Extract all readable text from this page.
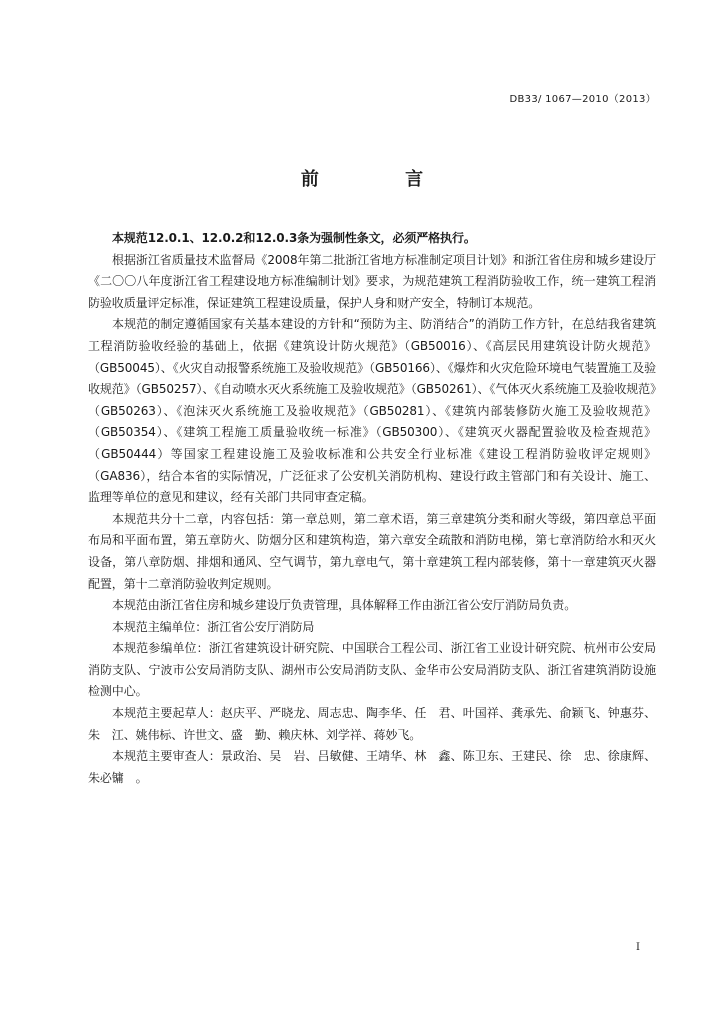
DB33/ 1067—2010（2013）
前 言

本规范12.0.1、12.0.2和12.0.3条为强制性条文，必须严格执行。

根据浙江省质量技术监督局《2008年第二批浙江省地方标准制定项目计划》和浙江省住房和城乡建设厅《二〇〇八年度浙江省工程建设地方标准编制计划》要求，为规范建筑工程消防验收工作，统一建筑工程消防验收质量评定标准，保证建筑工程建设质量，保护人身和财产安全，特制订本规范。

本规范的制定遵循国家有关基本建设的方针和“预防为主、防消结合”的消防工作方针，在总结我省建筑工程消防验收经验的基础上，依据《建筑设计防火规范》（GB50016）、《高层民用建筑设计防火规范》（GB50045）、《火灾自动报警系统施工及验收规范》（GB50166）、《爆炸和火灾危险环境电气装置施工及验收规范》（GB50257）、《自动喷水灭火系统施工及验收规范》（GB50261）、《气体灭火系统施工及验收规范》（GB50263）、《泡沫灭火系统施工及验收规范》（GB50281）、《建筑内部装修防火施工及验收规范》（GB50354）、《建筑工程施工质量验收统一标准》（GB50300）、《建筑灭火器配置验收及检查规范》（GB50444）等国家工程建设施工及验收标准和公共安全行业标准《建设工程消防验收评定规则》（GA836），结合本省的实际情况，广泛征求了公安机关消防机构、建设行政主管部门和有关设计、施工、监理等单位的意见和建议，经有关部门共同审查定稿。

本规范共分十二章，内容包括：第一章总则，第二章术语，第三章建筑分类和耐火等级，第四章总平面布局和平面布置，第五章防火、防烟分区和建筑构造，第六章安全疏散和消防电梯，第七章消防给水和灭火设备，第八章防烟、排烟和通风、空气调节，第九章电气，第十章建筑工程内部装修，第十一章建筑灭火器配置，第十二章消防验收判定规则。

本规范由浙江省住房和城乡建设厅负责管理，具体解释工作由浙江省公安厅消防局负责。

本规范主编单位：浙江省公安厅消防局

本规范参编单位：浙江省建筑设计研究院、中国联合工程公司、浙江省工业设计研究院、杭州市公安局消防支队、宁波市公安局消防支队、湖州市公安局消防支队、金华市公安局消防支队、浙江省建筑消防设施检测中心。

本规范主要起草人：赵庆平、严晓龙、周志忠、陶李华、任　君、叶国祥、龚承先、俞颖飞、钟惠芬、朱　江、姚伟标、许世文、盛　勤、赖庆林、刘学祥、蒋妙飞。

本规范主要审查人：景政治、吴　岩、吕敏健、王靖华、林　鑫、陈卫东、王建民、徐　忠、徐康辉、朱必镛　。

I
